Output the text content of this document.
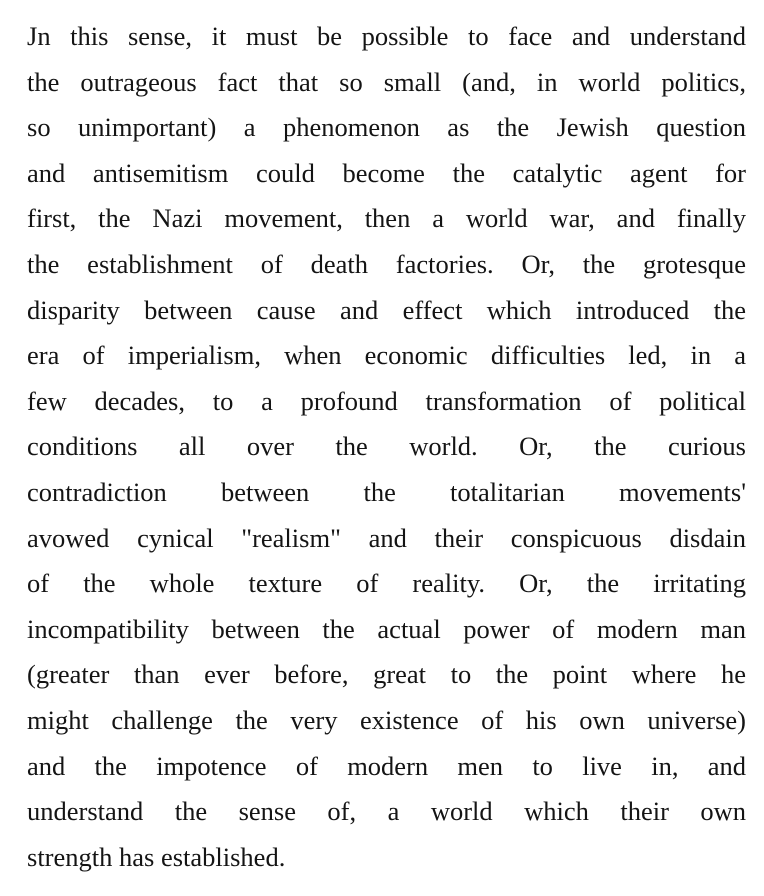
Jn this sense, it must be possible to face and understand
the outrageous fact that so small (and, in world politics,
so unimportant) a phenomenon as the Jewish question
and antisemitism could become the catalytic agent for
first, the Nazi movement, then a world war, and finally
the establishment of death factories. Or, the grotesque
disparity between cause and effect which introduced the
era of imperialism, when economic difficulties led, in a
few decades, to a profound transformation of political
conditions all over the world. Or, the curious
contradiction between the totalitarian movements'
avowed cynical "realism" and their conspicuous disdain
of the whole texture of reality. Or, the irritating
incompatibility between the actual power of modern man
(greater than ever before, great to the point where he
might challenge the very existence of his own universe)
and the impotence of modern men to live in, and
understand the sense of, a world which their own
strength has established.
